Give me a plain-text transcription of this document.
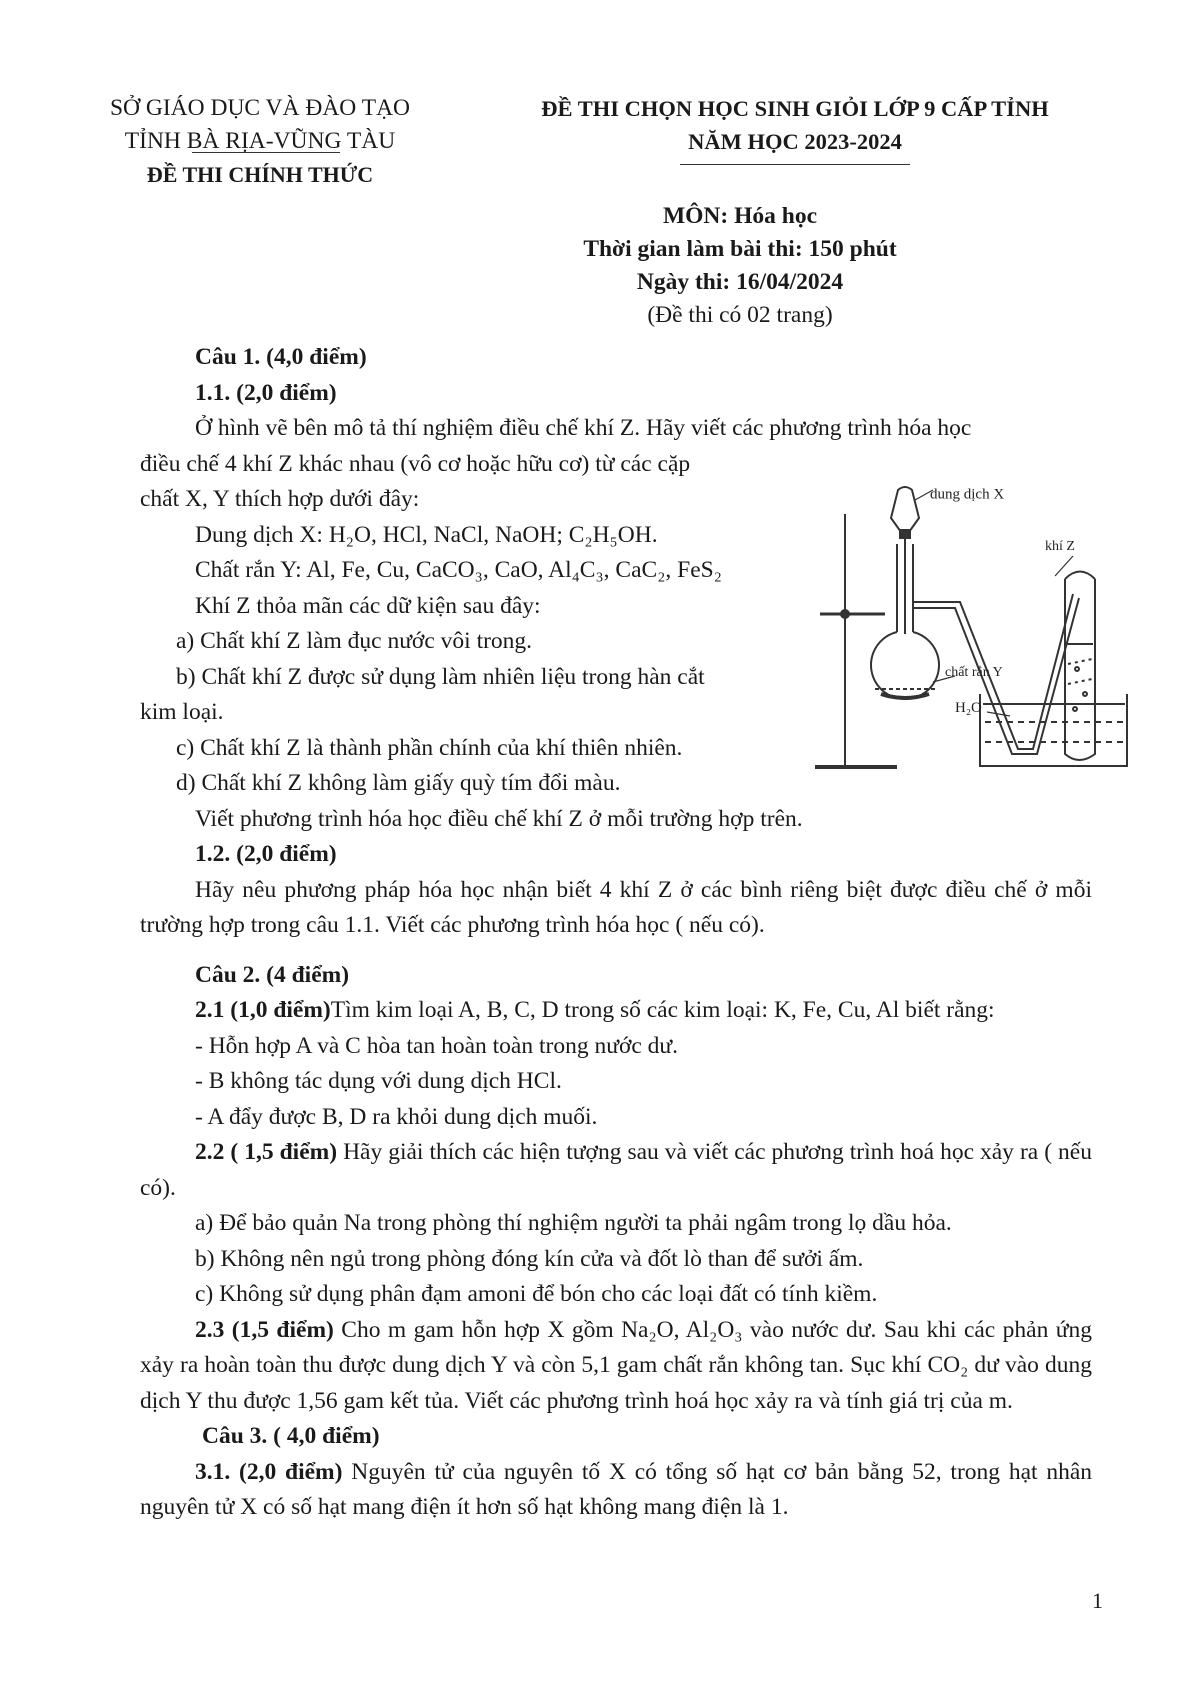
SỞ GIÁO DỤC VÀ ĐÀO TẠO
TỈNH BÀ RỊA-VŨNG TÀU
ĐỀ THI CHÍNH THỨC
ĐỀ THI CHỌN HỌC SINH GIỎI LỚP 9 CẤP TỈNH
NĂM HỌC 2023-2024
MÔN: Hóa học
Thời gian làm bài thi: 150 phút
Ngày thi: 16/04/2024
(Đề thi có 02 trang)

Câu 1. (4,0 điểm)

1.1. (2,0 điểm)

Ở hình vẽ bên mô tả thí nghiệm điều chế khí Z. Hãy viết các phương trình hóa học

điều chế 4 khí Z khác nhau (vô cơ hoặc hữu cơ) từ các cặp

chất X, Y thích hợp dưới đây:

Dung dịch X: H₂O, HCl, NaCl, NaOH; C₂H₅OH.

Chất rắn Y: Al, Fe, Cu, CaCO₃, CaO, Al₄C₃, CaC₂, FeS₂

Khí Z thỏa mãn các dữ kiện sau đây:

a) Chất khí Z làm đục nước vôi trong.

b) Chất khí Z được sử dụng làm nhiên liệu trong hàn cắt

kim loại.

c) Chất khí Z là thành phần chính của khí thiên nhiên.

d) Chất khí Z không làm giấy quỳ tím đổi màu.

Viết phương trình hóa học điều chế khí Z ở mỗi trường hợp trên.

1.2. (2,0 điểm)

Hãy nêu phương pháp hóa học nhận biết 4 khí Z ở các bình riêng biệt được điều chế ở mỗi trường hợp trong câu 1.1. Viết các phương trình hóa học ( nếu có).

Câu 2. (4 điểm)

2.1 (1,0 điểm)Tìm kim loại A, B, C, D trong số các kim loại: K, Fe, Cu, Al biết rằng:

- Hỗn hợp A và C hòa tan hoàn toàn trong nước dư.

- B không tác dụng với dung dịch HCl.

- A đẩy được B, D ra khỏi dung dịch muối.

2.2 ( 1,5 điểm) Hãy giải thích các hiện tượng sau và viết các phương trình hoá học xảy ra ( nếu có).

a) Để bảo quản Na trong phòng thí nghiệm người ta phải ngâm trong lọ dầu hỏa.

b) Không nên ngủ trong phòng đóng kín cửa và đốt lò than để sưởi ấm.

c) Không sử dụng phân đạm amoni để bón cho các loại đất có tính kiềm.

2.3 (1,5 điểm) Cho m gam hỗn hợp X gồm Na₂O, Al₂O₃ vào nước dư. Sau khi các phản ứng xảy ra hoàn toàn thu được dung dịch Y và còn 5,1 gam chất rắn không tan. Sục khí CO₂ dư vào dung dịch Y thu được 1,56 gam kết tủa. Viết các phương trình hoá học xảy ra và tính giá trị của m.

Câu 3. ( 4,0 điểm)

3.1. (2,0 điểm) Nguyên tử của nguyên tố X có tổng số hạt cơ bản bằng 52, trong hạt nhân nguyên tử X có số hạt mang điện ít hơn số hạt không mang điện là 1.

dung dịch X
khí Z
chất rắn Y
H₂O
1
